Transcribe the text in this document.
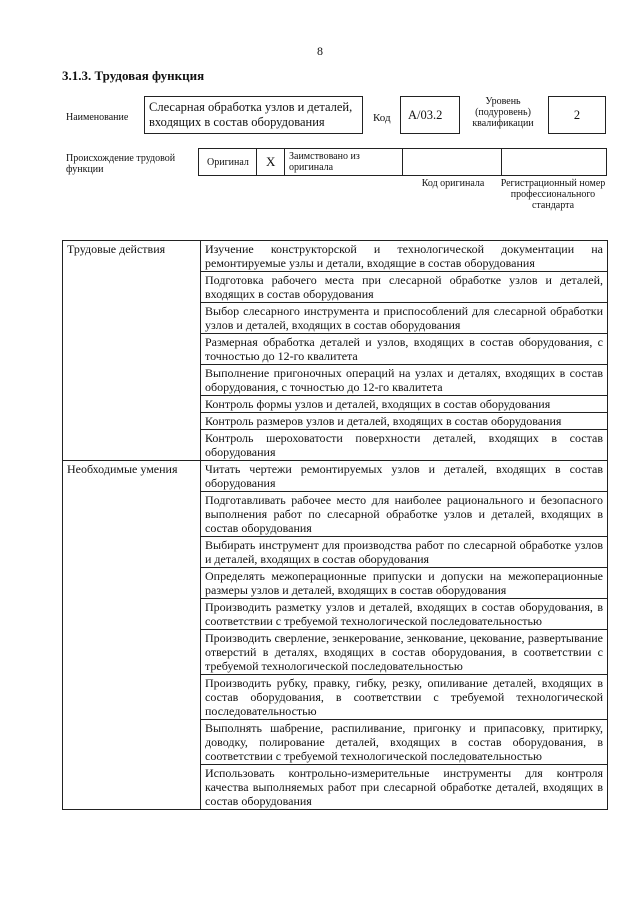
8
3.1.3. Трудовая функция
Наименование
Слесарная обработка узлов и деталей, входящих в состав оборудования	Код	А/03.2
Уровень (подуровень) квалификации
2
Происхождение трудовой функции
Оригинал	X	Заимствовано из оригинала
Код оригинала	Регистрационный номер профессионального стандарта
Трудовые действия	Изучение конструкторской и технологической документации на ремонтируемые узлы и детали, входящие в состав оборудования
	Подготовка рабочего места при слесарной обработке узлов и деталей, входящих в состав оборудования
	Выбор слесарного инструмента и приспособлений для слесарной обработки узлов и деталей, входящих в состав оборудования
	Размерная обработка деталей и узлов, входящих в состав оборудования, с точностью до 12-го квалитета
	Выполнение пригоночных операций на узлах и деталях, входящих в состав оборудования, с точностью до 12-го квалитета
	Контроль формы узлов и деталей, входящих в состав оборудования
	Контроль размеров узлов и деталей, входящих в состав оборудования
	Контроль шероховатости поверхности деталей, входящих в состав оборудования
Необходимые умения	Читать чертежи ремонтируемых узлов и деталей, входящих в состав оборудования
	Подготавливать рабочее место для наиболее рационального и безопасного выполнения работ по слесарной обработке узлов и деталей, входящих в состав оборудования
	Выбирать инструмент для производства работ по слесарной обработке узлов и деталей, входящих в состав оборудования
	Определять межоперационные припуски и допуски на межоперационные размеры узлов и деталей, входящих в состав оборудования
	Производить разметку узлов и деталей, входящих в состав оборудования, в соответствии с требуемой технологической последовательностью
	Производить сверление, зенкерование, зенкование, цекование, развертывание отверстий в деталях, входящих в состав оборудования, в соответствии с требуемой технологической последовательностью
	Производить рубку, правку, гибку, резку, опиливание деталей, входящих в состав оборудования, в соответствии с требуемой технологической последовательностью
	Выполнять шабрение, распиливание, пригонку и припасовку, притирку, доводку, полирование деталей, входящих в состав оборудования, в соответствии с требуемой технологической последовательностью
	Использовать контрольно-измерительные инструменты для контроля качества выполняемых работ при слесарной обработке деталей, входящих в состав оборудования
